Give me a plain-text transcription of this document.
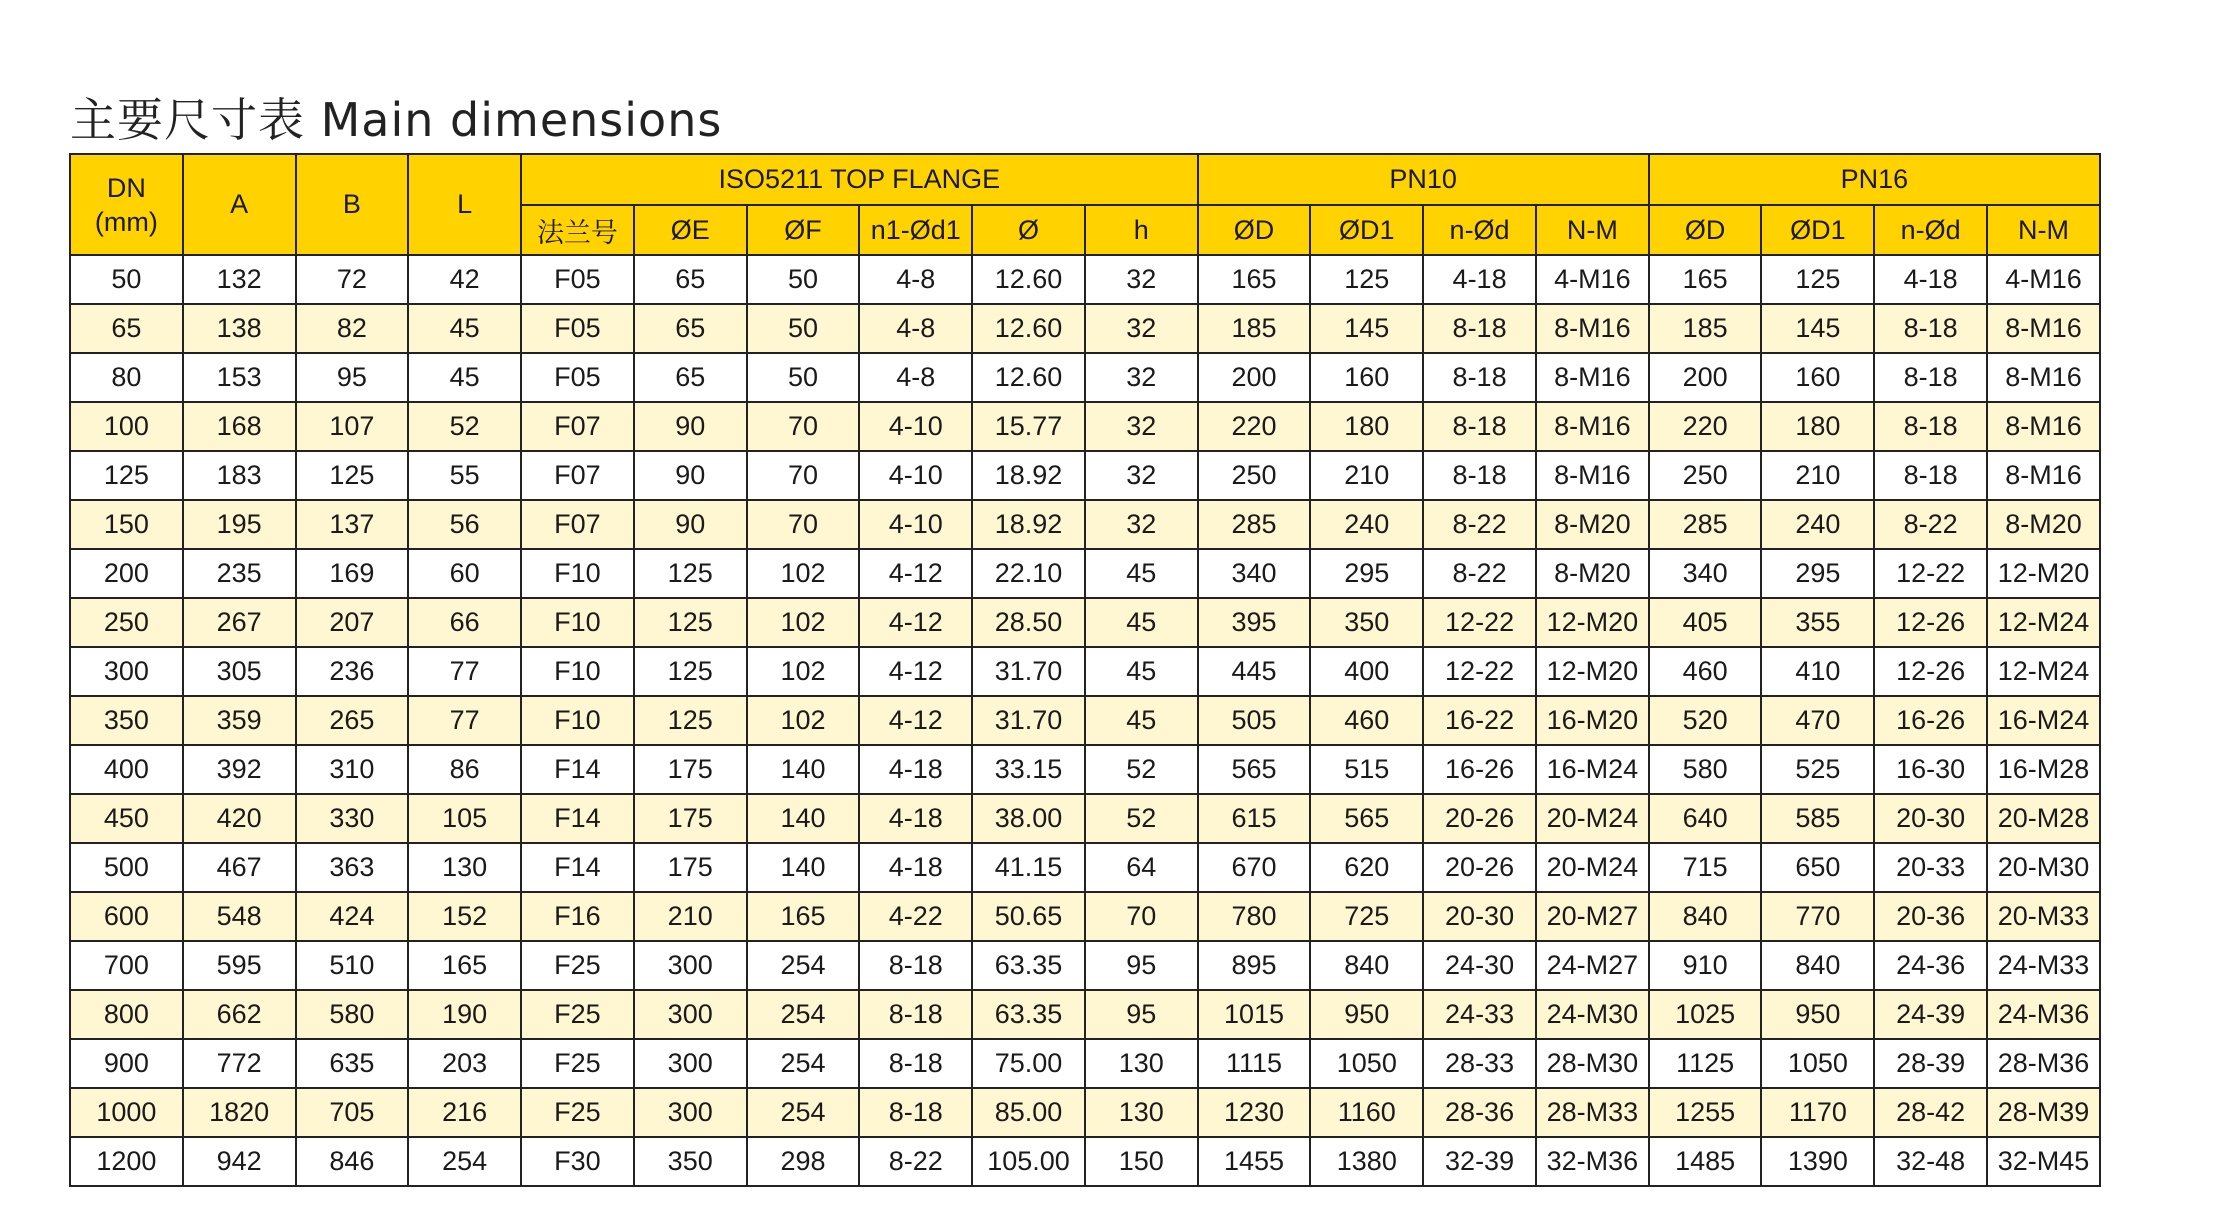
主要尺寸表 Main dimensions
DN
(mm)	A	B	L	ISO5211 TOP FLANGE						PN10				PN16			
				法兰号	ØE	ØF	n1-Ød1	Ø	h	ØD	ØD1	n-Ød	N-M	ØD	ØD1	n-Ød	N-M
50	132	72	42	F05	65	50	4-8	12.60	32	165	125	4-18	4-M16	165	125	4-18	4-M16
65	138	82	45	F05	65	50	4-8	12.60	32	185	145	8-18	8-M16	185	145	8-18	8-M16
80	153	95	45	F05	65	50	4-8	12.60	32	200	160	8-18	8-M16	200	160	8-18	8-M16
100	168	107	52	F07	90	70	4-10	15.77	32	220	180	8-18	8-M16	220	180	8-18	8-M16
125	183	125	55	F07	90	70	4-10	18.92	32	250	210	8-18	8-M16	250	210	8-18	8-M16
150	195	137	56	F07	90	70	4-10	18.92	32	285	240	8-22	8-M20	285	240	8-22	8-M20
200	235	169	60	F10	125	102	4-12	22.10	45	340	295	8-22	8-M20	340	295	12-22	12-M20
250	267	207	66	F10	125	102	4-12	28.50	45	395	350	12-22	12-M20	405	355	12-26	12-M24
300	305	236	77	F10	125	102	4-12	31.70	45	445	400	12-22	12-M20	460	410	12-26	12-M24
350	359	265	77	F10	125	102	4-12	31.70	45	505	460	16-22	16-M20	520	470	16-26	16-M24
400	392	310	86	F14	175	140	4-18	33.15	52	565	515	16-26	16-M24	580	525	16-30	16-M28
450	420	330	105	F14	175	140	4-18	38.00	52	615	565	20-26	20-M24	640	585	20-30	20-M28
500	467	363	130	F14	175	140	4-18	41.15	64	670	620	20-26	20-M24	715	650	20-33	20-M30
600	548	424	152	F16	210	165	4-22	50.65	70	780	725	20-30	20-M27	840	770	20-36	20-M33
700	595	510	165	F25	300	254	8-18	63.35	95	895	840	24-30	24-M27	910	840	24-36	24-M33
800	662	580	190	F25	300	254	8-18	63.35	95	1015	950	24-33	24-M30	1025	950	24-39	24-M36
900	772	635	203	F25	300	254	8-18	75.00	130	1115	1050	28-33	28-M30	1125	1050	28-39	28-M36
1000	1820	705	216	F25	300	254	8-18	85.00	130	1230	1160	28-36	28-M33	1255	1170	28-42	28-M39
1200	942	846	254	F30	350	298	8-22	105.00	150	1455	1380	32-39	32-M36	1485	1390	32-48	32-M45
